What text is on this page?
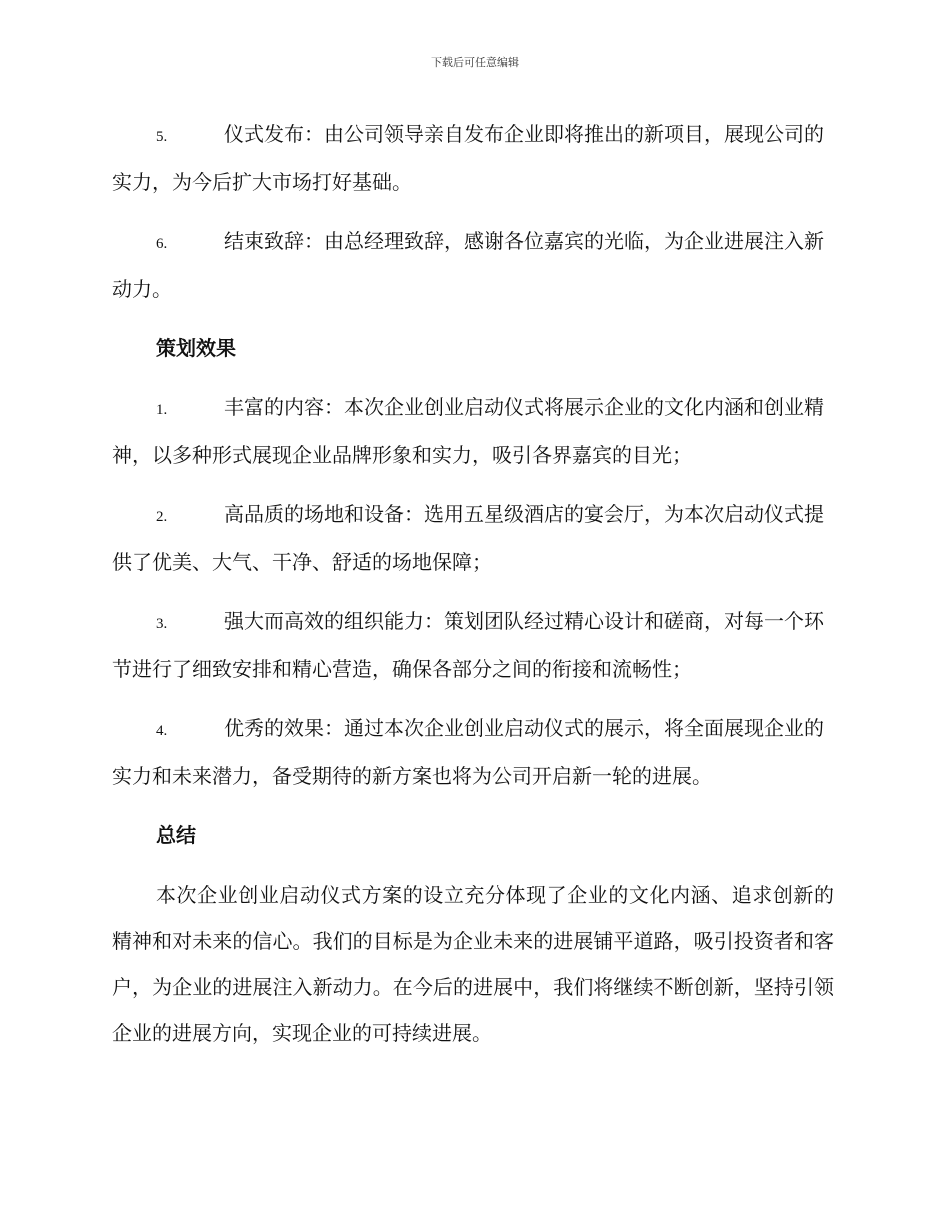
下载后可任意编辑

5.	仪式发布：由公司领导亲自发布企业即将推出的新项目，展现公司的实力，为今后扩大市场打好基础。

6.	结束致辞：由总经理致辞，感谢各位嘉宾的光临，为企业进展注入新动力。

策划效果

1.	丰富的内容：本次企业创业启动仪式将展示企业的文化内涵和创业精神，以多种形式展现企业品牌形象和实力，吸引各界嘉宾的目光；

2.	高品质的场地和设备：选用五星级酒店的宴会厅，为本次启动仪式提供了优美、大气、干净、舒适的场地保障；

3.	强大而高效的组织能力：策划团队经过精心设计和磋商，对每一个环节进行了细致安排和精心营造，确保各部分之间的衔接和流畅性；

4.	优秀的效果：通过本次企业创业启动仪式的展示，将全面展现企业的实力和未来潜力，备受期待的新方案也将为公司开启新一轮的进展。

总结

本次企业创业启动仪式方案的设立充分体现了企业的文化内涵、追求创新的精神和对未来的信心。我们的目标是为企业未来的进展铺平道路，吸引投资者和客户，为企业的进展注入新动力。在今后的进展中，我们将继续不断创新，坚持引领企业的进展方向，实现企业的可持续进展。
